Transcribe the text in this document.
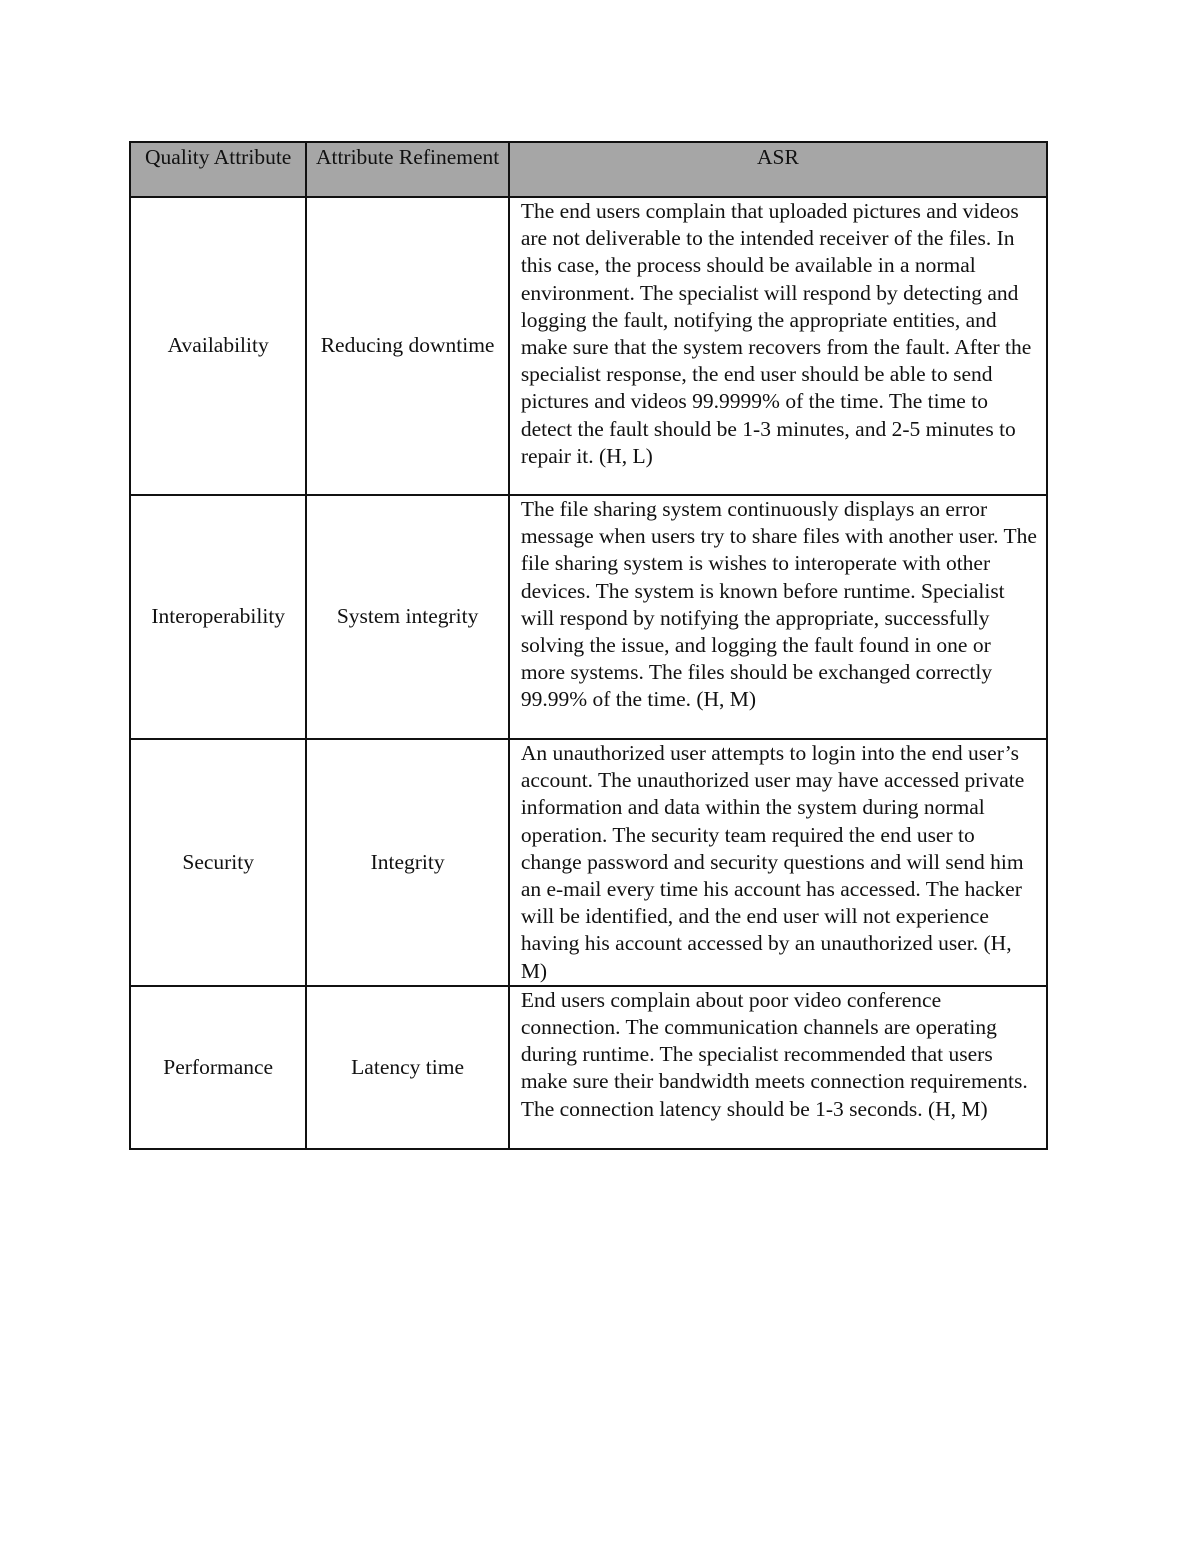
Quality Attribute	Attribute Refinement	ASR
Availability	Reducing downtime	The end users complain that uploaded pictures and videos are not deliverable to the intended receiver of the files. In this case, the process should be available in a normal environment. The specialist will respond by detecting and logging the fault, notifying the appropriate entities, and make sure that the system recovers from the fault. After the specialist response, the end user should be able to send pictures and videos 99.9999% of the time. The time to detect the fault should be 1-3 minutes, and 2-5 minutes to repair it. (H, L)
Interoperability	System integrity	The file sharing system continuously displays an error message when users try to share files with another user. The file sharing system is wishes to interoperate with other devices. The system is known before runtime. Specialist will respond by notifying the appropriate, successfully solving the issue, and logging the fault found in one or more systems. The files should be exchanged correctly 99.99% of the time. (H, M)
Security	Integrity	An unauthorized user attempts to login into the end user’s account. The unauthorized user may have accessed private information and data within the system during normal operation. The security team required the end user to change password and security questions and will send him an e-mail every time his account has accessed. The hacker will be identified, and the end user will not experience having his account accessed by an unauthorized user. (H, M)
Performance	Latency time	End users complain about poor video conference connection. The communication channels are operating during runtime. The specialist recommended that users make sure their bandwidth meets connection requirements. The connection latency should be 1-3 seconds. (H, M)
